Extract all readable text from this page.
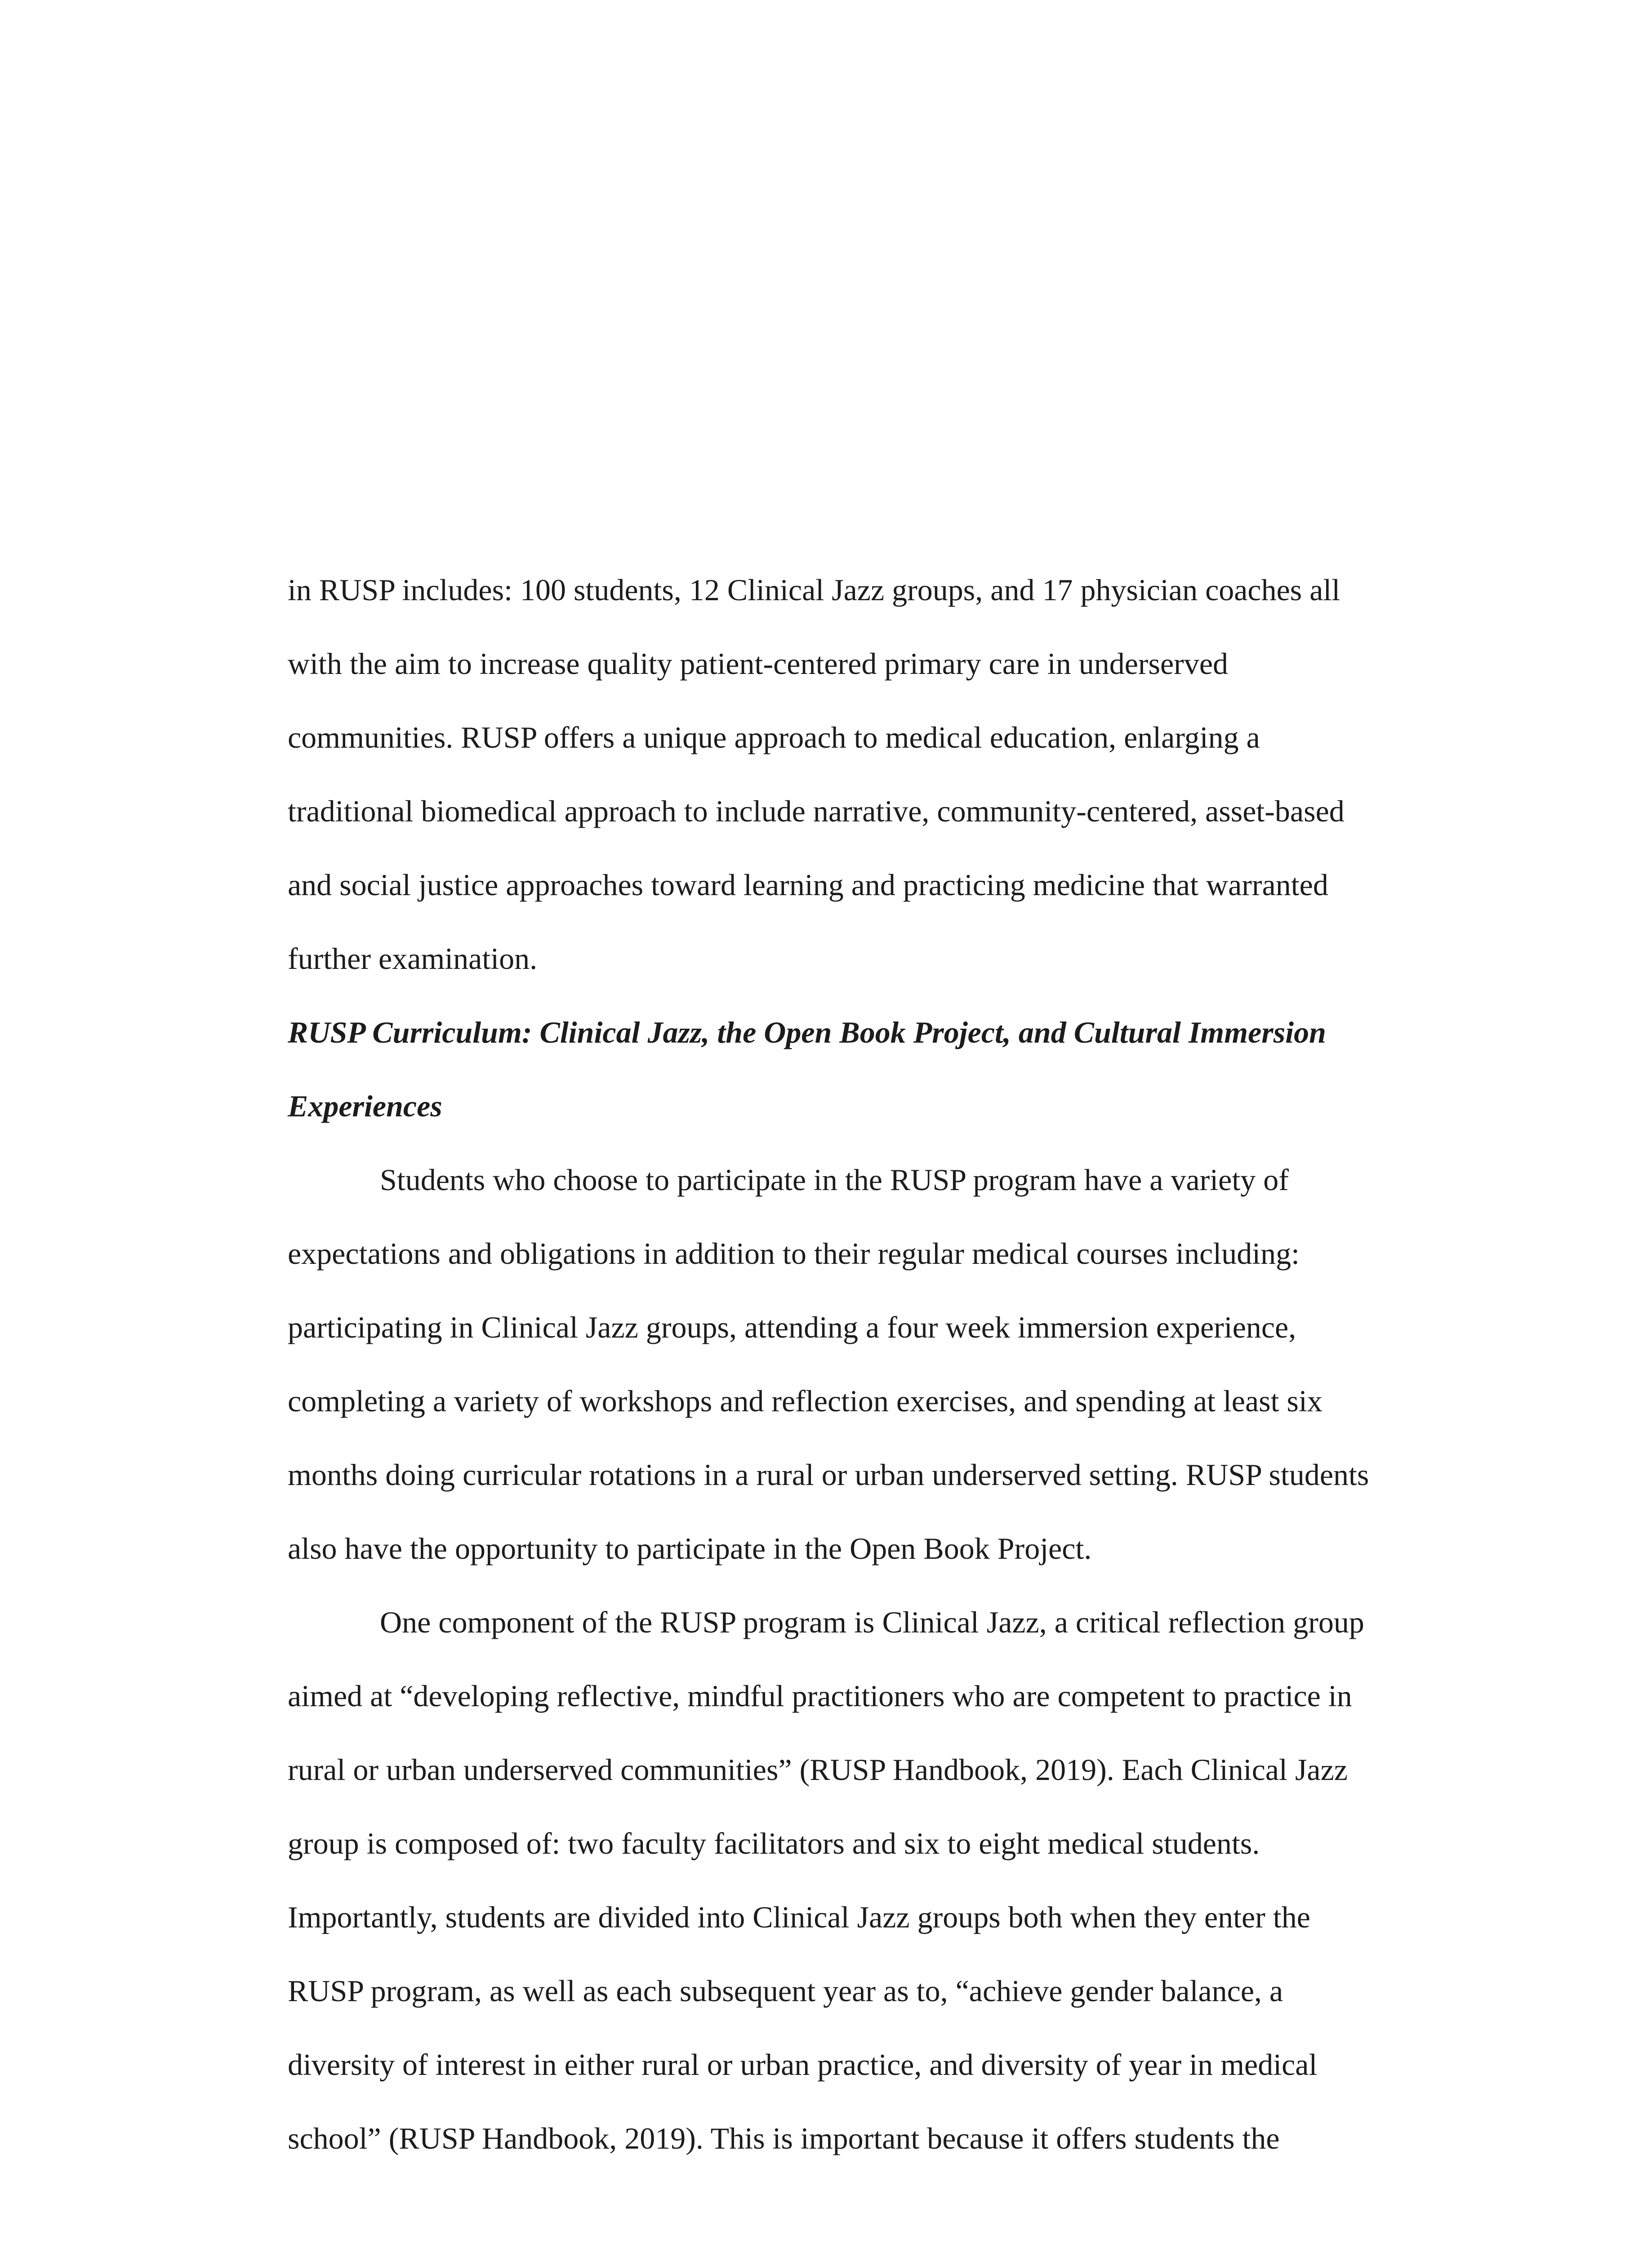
in RUSP includes: 100 students, 12 Clinical Jazz groups, and 17 physician coaches all
with the aim to increase quality patient-centered primary care in underserved
communities. RUSP offers a unique approach to medical education, enlarging a
traditional biomedical approach to include narrative, community-centered, asset-based
and social justice approaches toward learning and practicing medicine that warranted
further examination.
RUSP Curriculum: Clinical Jazz, the Open Book Project, and Cultural Immersion
Experiences
Students who choose to participate in the RUSP program have a variety of
expectations and obligations in addition to their regular medical courses including:
participating in Clinical Jazz groups, attending a four week immersion experience,
completing a variety of workshops and reflection exercises, and spending at least six
months doing curricular rotations in a rural or urban underserved setting. RUSP students
also have the opportunity to participate in the Open Book Project.
One component of the RUSP program is Clinical Jazz, a critical reflection group
aimed at “developing reflective, mindful practitioners who are competent to practice in
rural or urban underserved communities” (RUSP Handbook, 2019). Each Clinical Jazz
group is composed of: two faculty facilitators and six to eight medical students.
Importantly, students are divided into Clinical Jazz groups both when they enter the
RUSP program, as well as each subsequent year as to, “achieve gender balance, a
diversity of interest in either rural or urban practice, and diversity of year in medical
school” (RUSP Handbook, 2019). This is important because it offers students the
